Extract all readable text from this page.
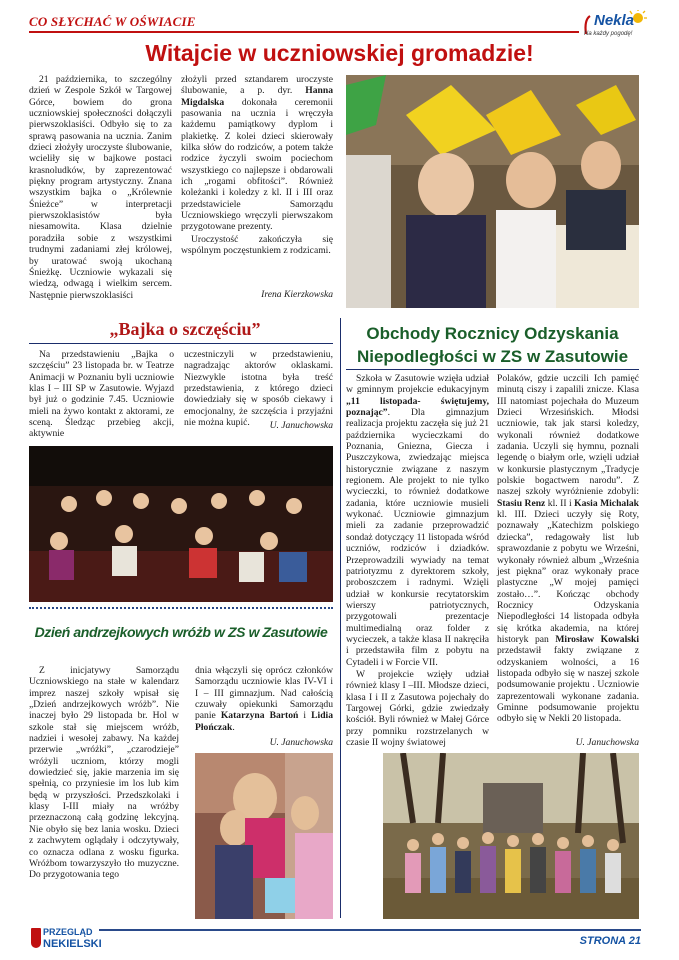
CO SŁYCHAĆ W OŚWIACIE	Nekla
Na każdy pogodę!
Witajcie w uczniowskiej gromadzie!

21 października, to szczególny dzień w Zespole Szkół w Targowej Górce, bowiem do grona uczniowskiej społeczności dołączyli pierwszoklasiści. Odbyło się to za sprawą pasowania na ucznia. Zanim dzieci złożyły uroczyste ślubowanie, wcieliły się w bajkowe postaci krasnoludków, by zaprezentować piękny program artystyczny. Znana wszystkim bajka o „Królewnie Śnieżce” w interpretacji pierwszoklasistów była niesamowita. Klasa dzielnie poradziła sobie z wszystkimi trudnymi zadaniami złej królowej, by uratować swoją ukochaną Śnieżkę. Uczniowie wykazali się wiedzą, odwagą i wielkim sercem. Następnie pierwszoklasiści

złożyli przed sztandarem uroczyste ślubowanie, a p. dyr. Hanna Migdalska dokonała ceremonii pasowania na ucznia i wręczyła każdemu pamiątkowy dyplom i plakietkę. Z kolei dzieci skierowały kilka słów do rodziców, a potem także rodzice życzyli swoim pociechom wszystkiego co najlepsze i obdarowali ich „rogami obfitości”. Również koleżanki i koledzy z kl. II i III oraz przedstawiciele Samorządu Uczniowskiego wręczyli pierwszakom przygotowane prezenty.

Uroczystość zakończyła się wspólnym poczęstunkiem z rodzicami.

Irena Kierzkowska
„Bajka o szczęściu”

Na przedstawieniu „Bajka o szczęściu” 23 listopada br. w Teatrze Animacji w Poznaniu byli uczniowie klas I – III SP w Zasutowie. Wyjazd był już o godzinie 7.45. Uczniowie mieli na żywo kontakt z aktorami, ze sceną. Śledząc przebieg akcji, aktywnie

uczestniczyli w przedstawieniu, nagradzając aktorów oklaskami. Niezwykle istotna była treść przedstawienia, z którego dzieci dowiedziały się w sposób ciekawy i emocjonalny, że szczęścia i przyjaźni nie można kupić.	U. Januchowska
Dzień andrzejkowych wróżb w ZS w Zasutowie

Z inicjatywy Samorządu Uczniowskiego na stałe w kalendarz imprez naszej szkoły wpisał się „Dzień andrzejkowych wróżb”. Nie inaczej było 29 listopada br. Hol w szkole stał się miejscem wróżb, nadziei i wesołej zabawy. Na każdej przerwie „wróżki”, „czarodzieje” wróżyli uczniom, którzy mogli dowiedzieć się, jakie marzenia im się spełnią, co przyniesie im los lub kim będą w przyszłości. Przedszkolaki i klasy I-III miały na wróżby przeznaczoną całą godzinę lekcyjną. Nie obyło się bez lania wosku. Dzieci z zachwytem oglądały i odczytywały, co oznacza odlana z wosku figurka. Wróżbom towarzyszyło tło muzyczne. Do przygotowania tego

dnia włączyli się oprócz członków Samorządu uczniowie klas IV-VI i I – III gimnazjum. Nad całością czuwały opiekunki Samorządu panie Katarzyna Bartoń i Lidia Płończak.

U. Januchowska
Obchody Rocznicy Odzyskania Niepodległości w ZS w Zasutowie

Szkoła w Zasutowie wzięła udział w gminnym projekcie edukacyjnym „11 listopada- świętujemy, poznając”. Dla gimnazjum realizacja projektu zaczęła się już 21 października wycieczkami do Poznania, Gniezna, Giecza i Puszczykowa, zwiedzając miejsca historycznie związane z naszym regionem. Ale projekt to nie tylko wycieczki, to również dodatkowe zadania, które uczniowie musieli wykonać. Uczniowie gimnazjum mieli za zadanie przeprowadzić sondaż dotyczący 11 listopada wśród uczniów, rodziców i dziadków. Przeprowadzili wywiady na temat patriotyzmu z dyrektorem szkoły, proboszczem i radnymi. Wzięli udział w konkursie recytatorskim wierszy patriotycznych, przygotowali prezentacje multimedialną oraz folder z wycieczek, a także klasa II nakręciła i przedstawiła film z pobytu na Cytadeli i w Forcie VII.

W projekcie wzięły udział również klasy I –III. Młodsze dzieci, klasa I i II z Zasutowa pojechały do Targowej Górki, gdzie zwiedzały kościół. Byli również w Małej Górce przy pomniku rozstrzelanych w czasie II wojny światowej

Polaków, gdzie uczcili Ich pamięć minutą ciszy i zapalili znicze. Klasa III natomiast pojechała do Muzeum Dzieci Wrzesińskich. Młodsi uczniowie, tak jak starsi koledzy, wykonali również dodatkowe zadania. Uczyli się hymnu, poznali legendę o białym orle, wzięli udział w konkursie plastycznym „Tradycje polskie bogactwem narodu”. Z naszej szkoły wyróżnienie zdobyli: Stasiu Renz kl. II i Kasia Michalak kl. III. Dzieci uczyły się Roty, poznawały „Katechizm polskiego dziecka”, redagowały list lub sprawozdanie z pobytu we Wrześni, wykonały również album „Września jest piękna” oraz wykonały prace plastyczne „W mojej pamięci zostało…”. Kończąc obchody Rocznicy Odzyskania Niepodległości 14 listopada odbyła się krótka akademia, na której historyk pan Mirosław Kowalski przedstawił fakty związane z odzyskaniem wolności, a 16 listopada odbyło się w naszej szkole podsumowanie projektu . Uczniowie zaprezentowali wykonane zadania. Gminne podsumowanie projektu odbyło się w Nekli 20 listopada.

U. Januchowska
PRZEGLĄD
NEKIELSKI	STRONA 21
